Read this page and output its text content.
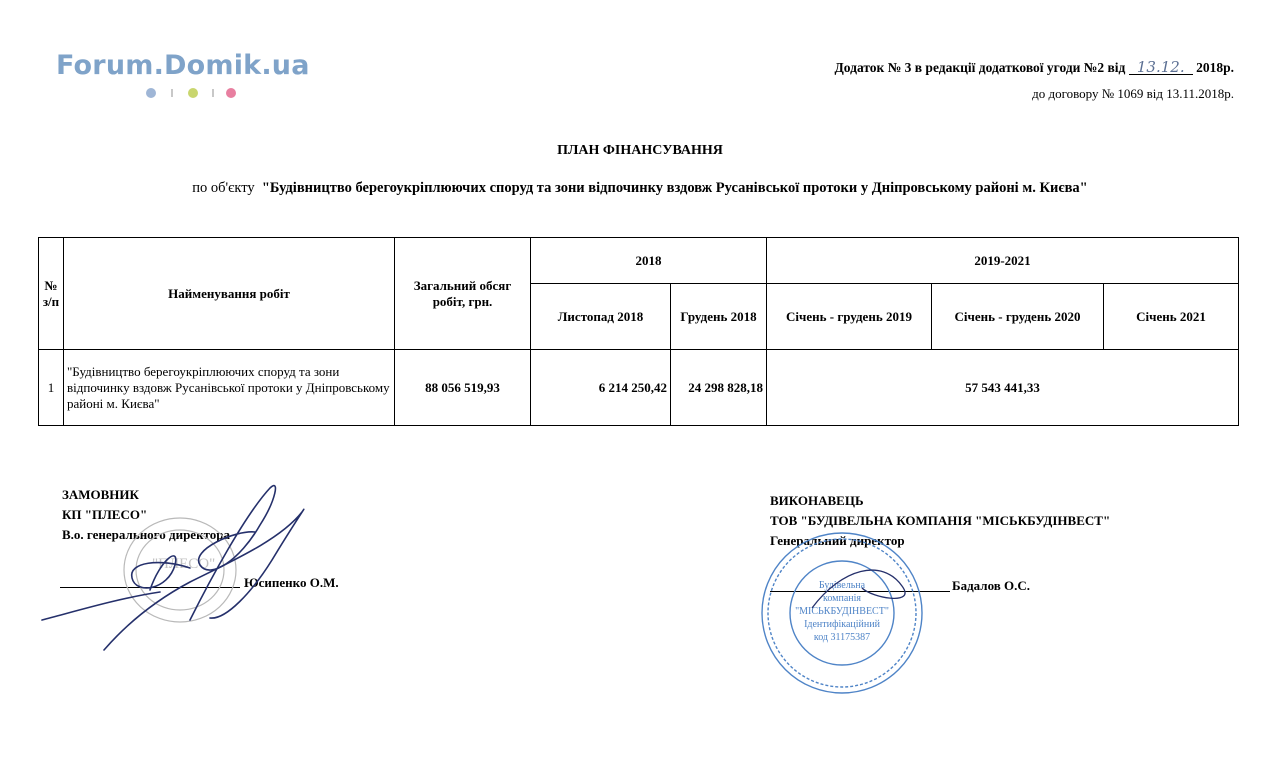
Forum.Domik.ua	Додаток № 3 в редакції додаткової угоди №2 від 13.12. 2018р.
до договору № 1069 від 13.11.2018р.
ПЛАН ФІНАНСУВАННЯ
по об'єкту "Будівництво берегоукріплюючих споруд та зони відпочинку вздовж Русанівської протоки у Дніпровському районі м. Києва"
№ з/п	Найменування робіт	Загальний обсяг робіт, грн.	2018		2019-2021		
			Листопад 2018	Грудень 2018	Січень - грудень 2019	Січень - грудень 2020	Січень 2021
1	"Будівництво берегоукріплюючих споруд та зони відпочинку вздовж Русанівської протоки у Дніпровському районі м. Києва"	88 056 519,93	6 214 250,42	24 298 828,18	57 543 441,33		
ЗАМОВНИК
КП "ПЛЕСО"
В.о. генерального директора
Юсипенко О.М.
"ПЛЕСО"
ВИКОНАВЕЦЬ
ТОВ "БУДІВЕЛЬНА КОМПАНІЯ "МІСЬКБУДІНВЕСТ"
Генеральний директор
Бадалов О.С.
Будівельна
компанія
"МІСЬКБУДІНВЕСТ"
Ідентифікаційний
код 31175387
